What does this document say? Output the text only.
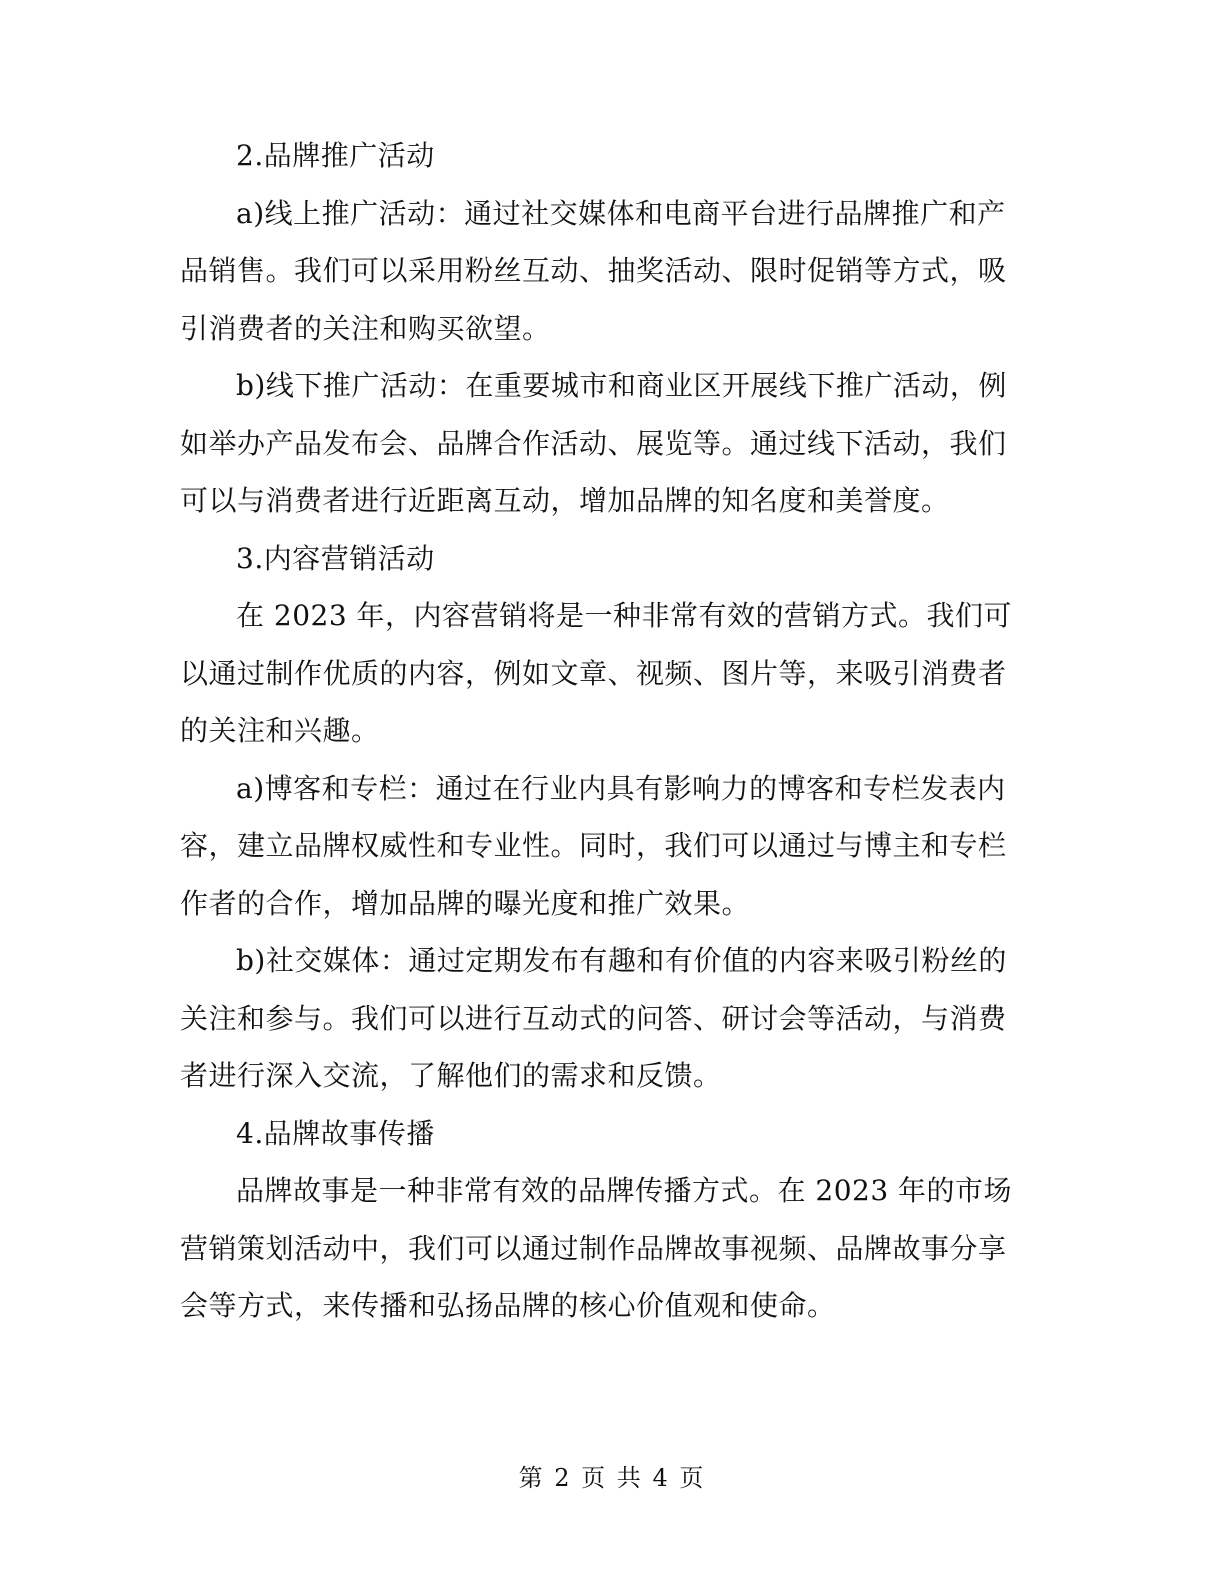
2.品牌推广活动

a)线上推广活动：通过社交媒体和电商平台进行品牌推广和产品销售。我们可以采用粉丝互动、抽奖活动、限时促销等方式，吸引消费者的关注和购买欲望。

b)线下推广活动：在重要城市和商业区开展线下推广活动，例如举办产品发布会、品牌合作活动、展览等。通过线下活动，我们可以与消费者进行近距离互动，增加品牌的知名度和美誉度。

3.内容营销活动

在 2023 年，内容营销将是一种非常有效的营销方式。我们可以通过制作优质的内容，例如文章、视频、图片等，来吸引消费者的关注和兴趣。

a)博客和专栏：通过在行业内具有影响力的博客和专栏发表内容，建立品牌权威性和专业性。同时，我们可以通过与博主和专栏作者的合作，增加品牌的曝光度和推广效果。

b)社交媒体：通过定期发布有趣和有价值的内容来吸引粉丝的关注和参与。我们可以进行互动式的问答、研讨会等活动，与消费者进行深入交流，了解他们的需求和反馈。

4.品牌故事传播

品牌故事是一种非常有效的品牌传播方式。在 2023 年的市场营销策划活动中，我们可以通过制作品牌故事视频、品牌故事分享会等方式，来传播和弘扬品牌的核心价值观和使命。

第 2 页 共 4 页
